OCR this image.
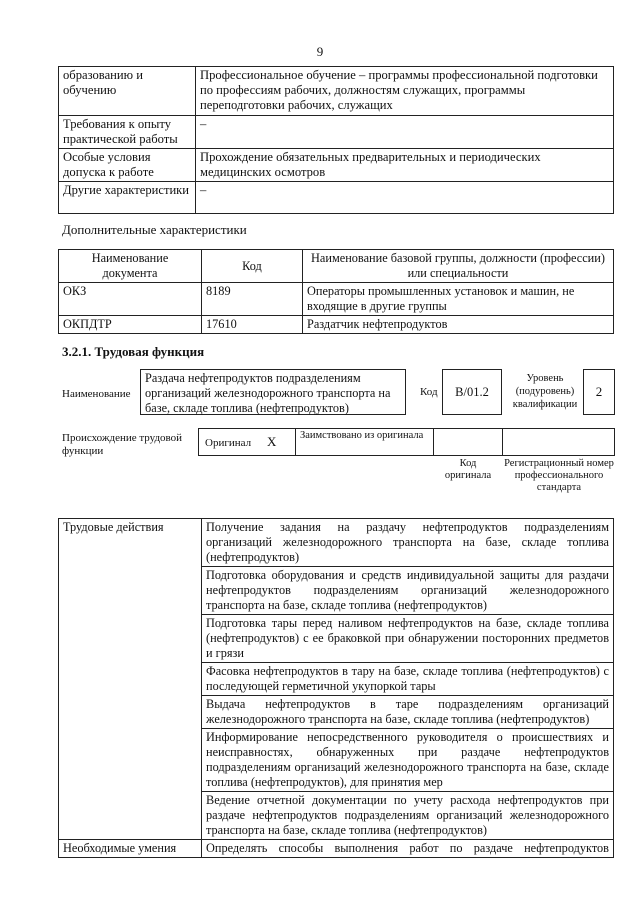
9
образованию и обучению	Профессиональное обучение – программы профессиональной подготовки по профессиям рабочих, должностям служащих, программы переподготовки рабочих, служащих
Требования к опыту практической работы	–
Особые условия допуска к работе	Прохождение обязательных предварительных и периодических медицинских осмотров
Другие характеристики	–
Дополнительные характеристики
Наименование документа	Код	Наименование базовой группы, должности (профессии) или специальности
ОКЗ	8189	Операторы промышленных установок и машин, не входящие в другие группы
ОКПДТР	17610	Раздатчик нефтепродуктов
3.2.1. Трудовая функция
Наименование
Раздача нефтепродуктов подразделениям организаций железнодорожного транспорта на базе, складе топлива (нефтепродуктов)
Код	В/01.2
Уровень (подуровень) квалификации
2
Происхождение трудовой функции
Оригинал X	Заимствовано из оригинала
Код оригинала
Регистрационный номер профессионального стандарта
Трудовые действия	Получение задания на раздачу нефтепродуктов подразделениям организаций железнодорожного транспорта на базе, складе топлива (нефтепродуктов)
	Подготовка оборудования и средств индивидуальной защиты для раздачи нефтепродуктов подразделениям организаций железнодорожного транспорта на базе, складе топлива (нефтепродуктов)
	Подготовка тары перед наливом нефтепродуктов на базе, складе топлива (нефтепродуктов) с ее браковкой при обнаружении посторонних предметов и грязи
	Фасовка нефтепродуктов в тару на базе, складе топлива (нефтепродуктов) с последующей герметичной укупоркой тары
	Выдача нефтепродуктов в таре подразделениям организаций железнодорожного транспорта на базе, складе топлива (нефтепродуктов)
	Информирование непосредственного руководителя о происшествиях и неисправностях, обнаруженных при раздаче нефтепродуктов подразделениям организаций железнодорожного транспорта на базе, складе топлива (нефтепродуктов), для принятия мер
	Ведение отчетной документации по учету расхода нефтепродуктов при раздаче нефтепродуктов подразделениям организаций железнодорожного транспорта на базе, складе топлива (нефтепродуктов)
Необходимые умения	Определять способы выполнения работ по раздаче нефтепродуктов
